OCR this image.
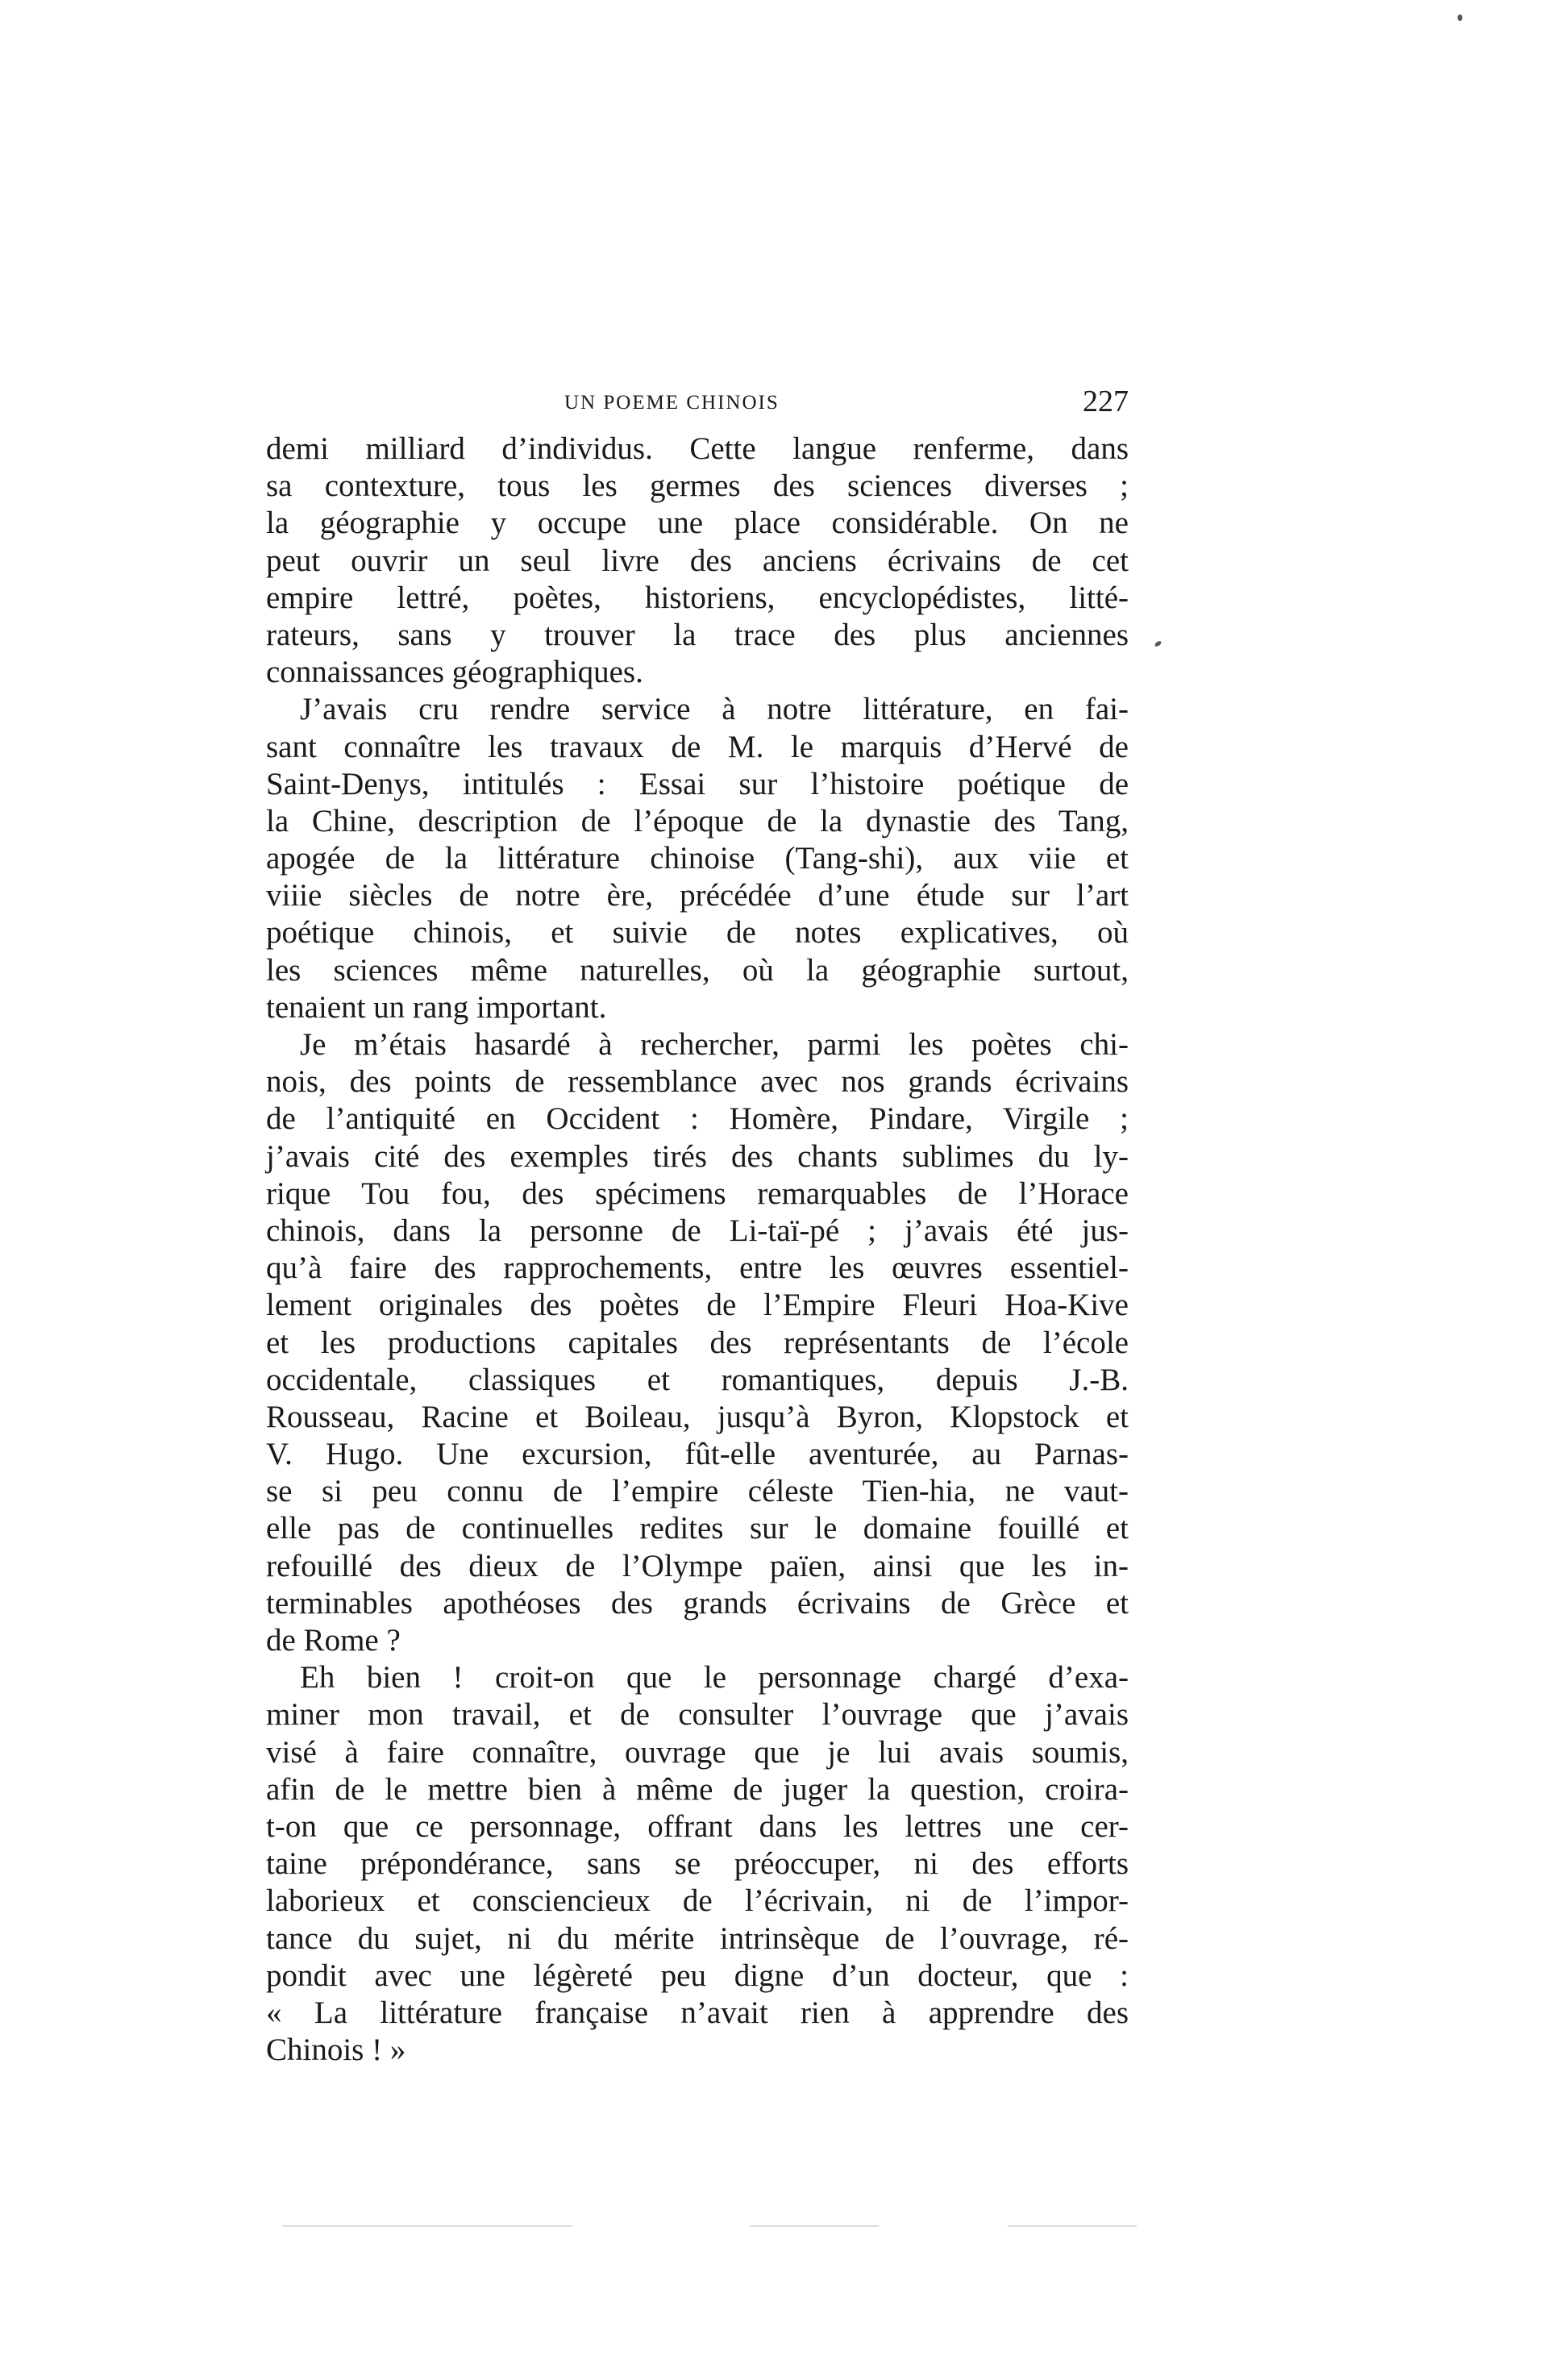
UN POEME CHINOIS	227
demi milliard d’individus. Cette langue renferme, dans
sa contexture, tous les germes des sciences diverses ;
la géographie y occupe une place considérable. On ne
peut ouvrir un seul livre des anciens écrivains de cet
empire lettré, poètes, historiens, encyclopédistes, litté-
rateurs, sans y trouver la trace des plus anciennes
connaissances géographiques.
J’avais cru rendre service à notre littérature, en fai-
sant connaître les travaux de M. le marquis d’Hervé de
Saint-Denys, intitulés : Essai sur l’histoire poétique de
la Chine, description de l’époque de la dynastie des Tang,
apogée de la littérature chinoise (Tang-shi), aux viie et
viiie siècles de notre ère, précédée d’une étude sur l’art
poétique chinois, et suivie de notes explicatives, où
les sciences même naturelles, où la géographie surtout,
tenaient un rang important.
Je m’étais hasardé à rechercher, parmi les poètes chi-
nois, des points de ressemblance avec nos grands écrivains
de l’antiquité en Occident : Homère, Pindare, Virgile ;
j’avais cité des exemples tirés des chants sublimes du ly-
rique Tou fou, des spécimens remarquables de l’Horace
chinois, dans la personne de Li-taï-pé ; j’avais été jus-
qu’à faire des rapprochements, entre les œuvres essentiel-
lement originales des poètes de l’Empire Fleuri Hoa-Kive
et les productions capitales des représentants de l’école
occidentale, classiques et romantiques, depuis J.-B.
Rousseau, Racine et Boileau, jusqu’à Byron, Klopstock et
V. Hugo. Une excursion, fût-elle aventurée, au Parnas-
se si peu connu de l’empire céleste Tien-hia, ne vaut-
elle pas de continuelles redites sur le domaine fouillé et
refouillé des dieux de l’Olympe païen, ainsi que les in-
terminables apothéoses des grands écrivains de Grèce et
de Rome ?
Eh bien ! croit-on que le personnage chargé d’exa-
miner mon travail, et de consulter l’ouvrage que j’avais
visé à faire connaître, ouvrage que je lui avais soumis,
afin de le mettre bien à même de juger la question, croira-
t-on que ce personnage, offrant dans les lettres une cer-
taine prépondérance, sans se préoccuper, ni des efforts
laborieux et consciencieux de l’écrivain, ni de l’impor-
tance du sujet, ni du mérite intrinsèque de l’ouvrage, ré-
pondit avec une légèreté peu digne d’un docteur, que :
« La littérature française n’avait rien à apprendre des
Chinois ! »
